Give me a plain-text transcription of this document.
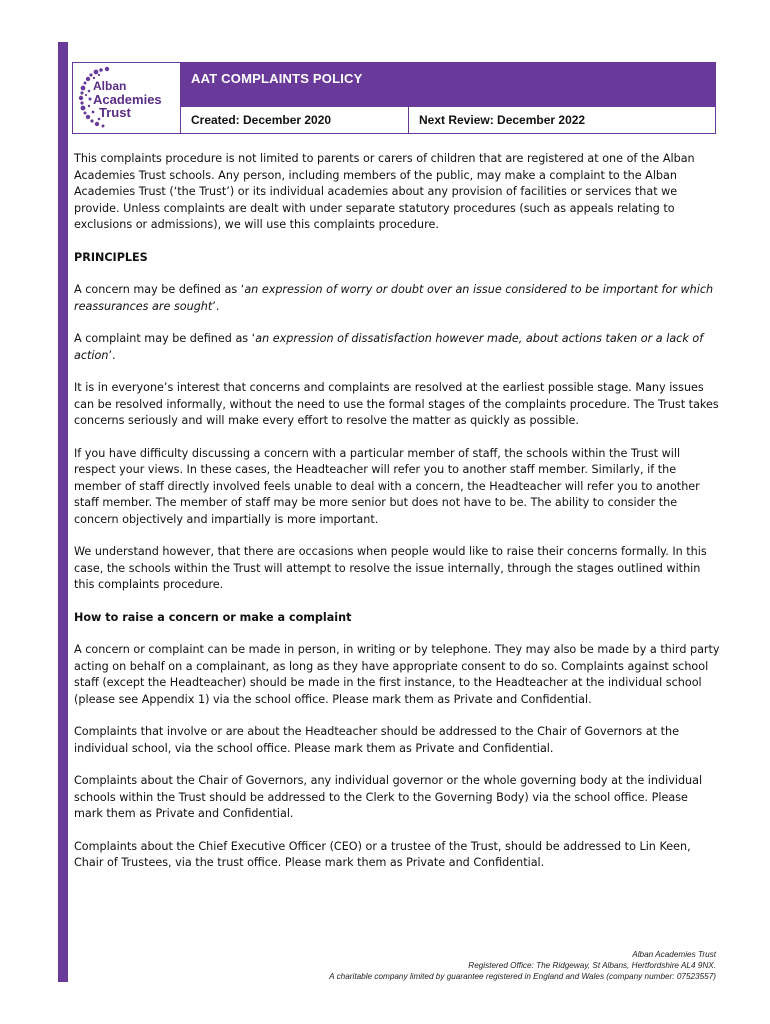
Alban
Academies
Trust
AAT COMPLAINTS POLICY
Created: December 2020	Next Review: December 2022

This complaints procedure is not limited to parents or carers of children that are registered at one of the Alban Academies Trust schools. Any person, including members of the public, may make a complaint to the Alban Academies Trust (‘the Trust’) or its individual academies about any provision of facilities or services that we provide. Unless complaints are dealt with under separate statutory procedures (such as appeals relating to exclusions or admissions), we will use this complaints procedure.

PRINCIPLES

A concern may be defined as ‘an expression of worry or doubt over an issue considered to be important for which reassurances are sought’.

A complaint may be defined as ‘an expression of dissatisfaction however made, about actions taken or a lack of action’.

It is in everyone’s interest that concerns and complaints are resolved at the earliest possible stage. Many issues can be resolved informally, without the need to use the formal stages of the complaints procedure. The Trust takes concerns seriously and will make every effort to resolve the matter as quickly as possible.

If you have difficulty discussing a concern with a particular member of staff, the schools within the Trust will respect your views. In these cases, the Headteacher will refer you to another staff member. Similarly, if the member of staff directly involved feels unable to deal with a concern, the Headteacher will refer you to another staff member. The member of staff may be more senior but does not have to be. The ability to consider the concern objectively and impartially is more important.

We understand however, that there are occasions when people would like to raise their concerns formally. In this case, the schools within the Trust will attempt to resolve the issue internally, through the stages outlined within this complaints procedure.

How to raise a concern or make a complaint

A concern or complaint can be made in person, in writing or by telephone. They may also be made by a third party acting on behalf on a complainant, as long as they have appropriate consent to do so. Complaints against school staff (except the Headteacher) should be made in the first instance, to the Headteacher at the individual school (please see Appendix 1) via the school office. Please mark them as Private and Confidential.

Complaints that involve or are about the Headteacher should be addressed to the Chair of Governors at the individual school, via the school office. Please mark them as Private and Confidential.

Complaints about the Chair of Governors, any individual governor or the whole governing body at the individual schools within the Trust should be addressed to the Clerk to the Governing Body) via the school office. Please mark them as Private and Confidential.

Complaints about the Chief Executive Officer (CEO) or a trustee of the Trust, should be addressed to Lin Keen, Chair of Trustees, via the trust office. Please mark them as Private and Confidential.

Alban Academies Trust
Registered Office: The Ridgeway, St Albans, Hertfordshire AL4 9NX.
A charitable company limited by guarantee registered in England and Wales (company number: 07523557)
